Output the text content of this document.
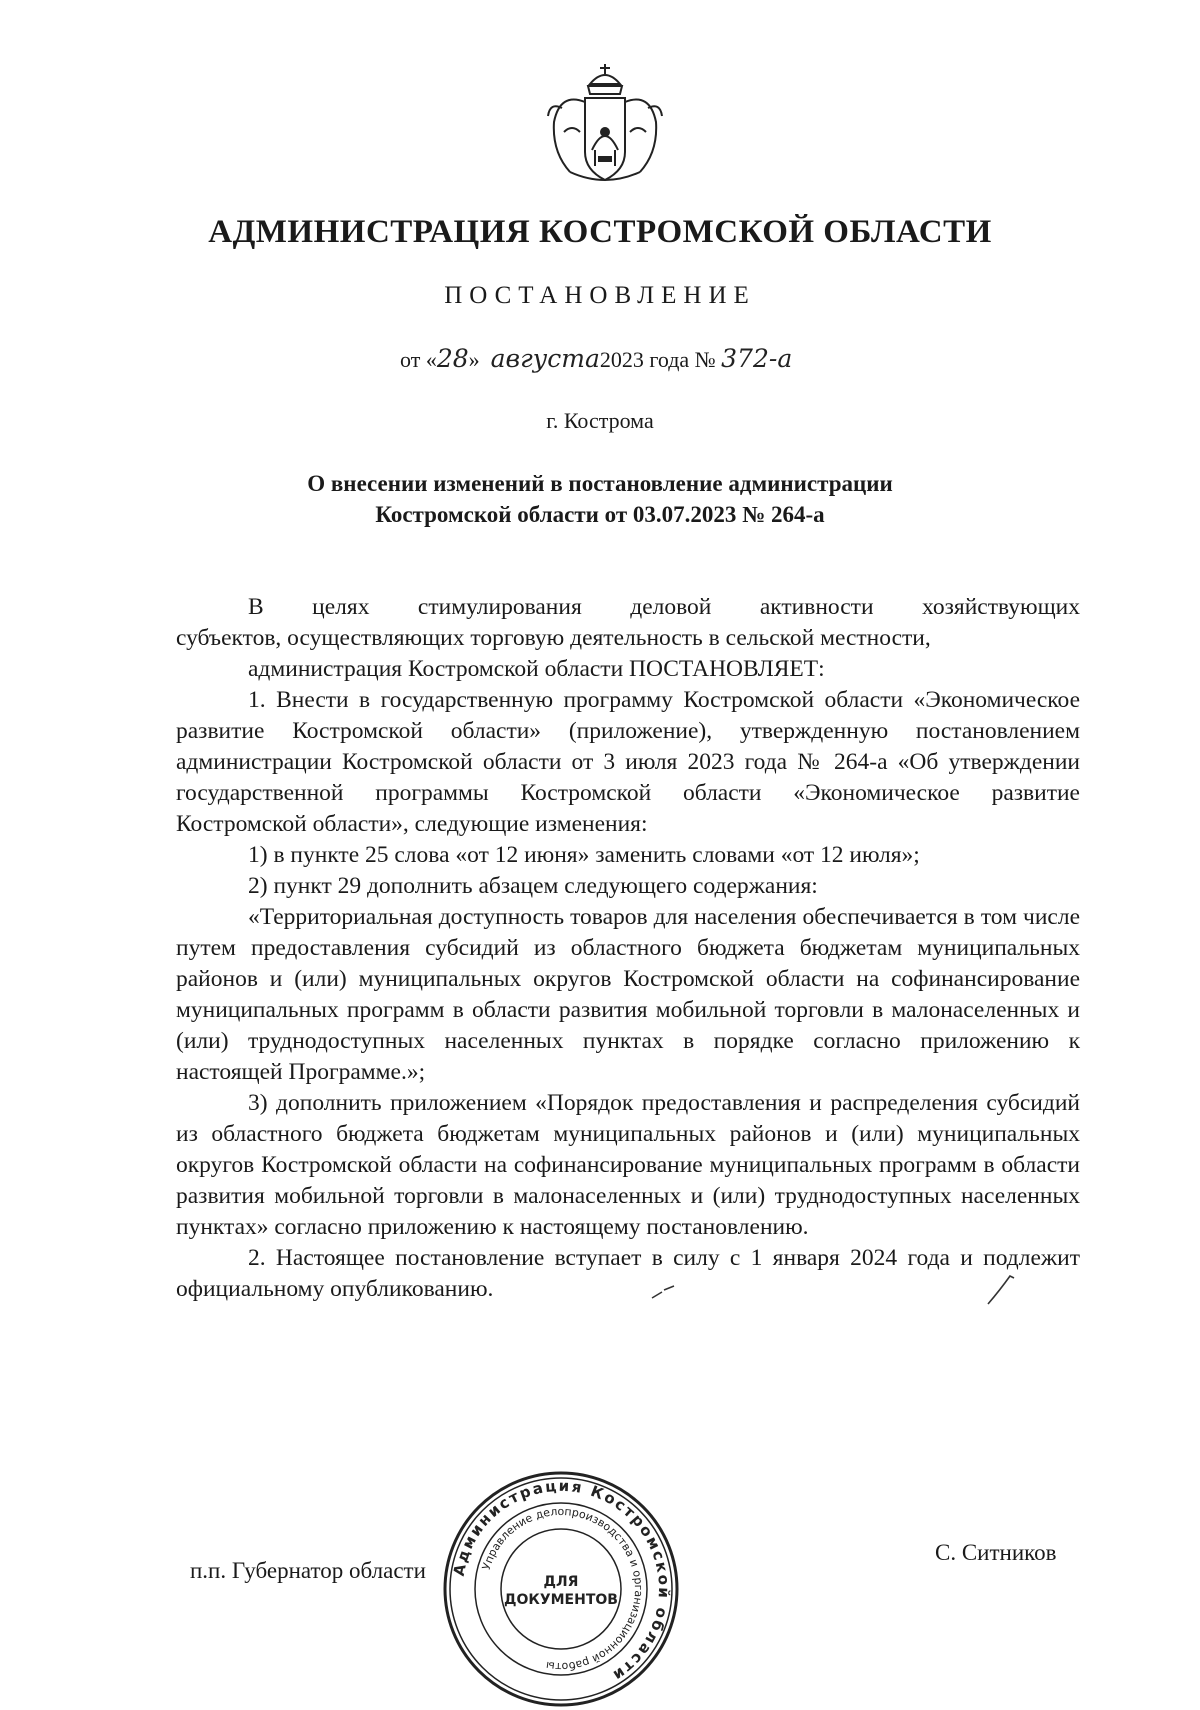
АДМИНИСТРАЦИЯ КОСТРОМСКОЙ ОБЛАСТИ
ПОСТАНОВЛЕНИЕ
от «28» августа2023 года № 372-а
г. Кострома
О внесении изменений в постановление администрации
Костромской области от 03.07.2023 № 264-а

В целях стимулирования деловой активности хозяйствующих

субъектов, осуществляющих торговую деятельность в сельской местности,

администрация Костромской области ПОСТАНОВЛЯЕТ:

1. Внести в государственную программу Костромской области «Экономическое развитие Костромской области» (приложение), утвержденную постановлением администрации Костромской области от 3 июля 2023 года № 264-а «Об утверждении государственной программы Костромской области «Экономическое развитие Костромской области», следующие изменения:

1) в пункте 25 слова «от 12 июня» заменить словами «от 12 июля»;

2) пункт 29 дополнить абзацем следующего содержания:

«Территориальная доступность товаров для населения обеспечивается в том числе путем предоставления субсидий из областного бюджета бюджетам муниципальных районов и (или) муниципальных округов Костромской области на софинансирование муниципальных программ в области развития мобильной торговли в малонаселенных и (или) труднодоступных населенных пунктах в порядке согласно приложению к настоящей Программе.»;

3) дополнить приложением «Порядок предоставления и распределения субсидий из областного бюджета бюджетам муниципальных районов и (или) муниципальных округов Костромской области на софинансирование муниципальных программ в области развития мобильной торговли в малонаселенных и (или) труднодоступных населенных пунктах» согласно приложению к настоящему постановлению.

2. Настоящее постановление вступает в силу с 1 января 2024 года и подлежит официальному опубликованию.

п.п. Губернатор области
С. Ситников
Администрация Костромской области
Управление делопроизводства и организационной работы
ДЛЯ
ДОКУМЕНТОВ
